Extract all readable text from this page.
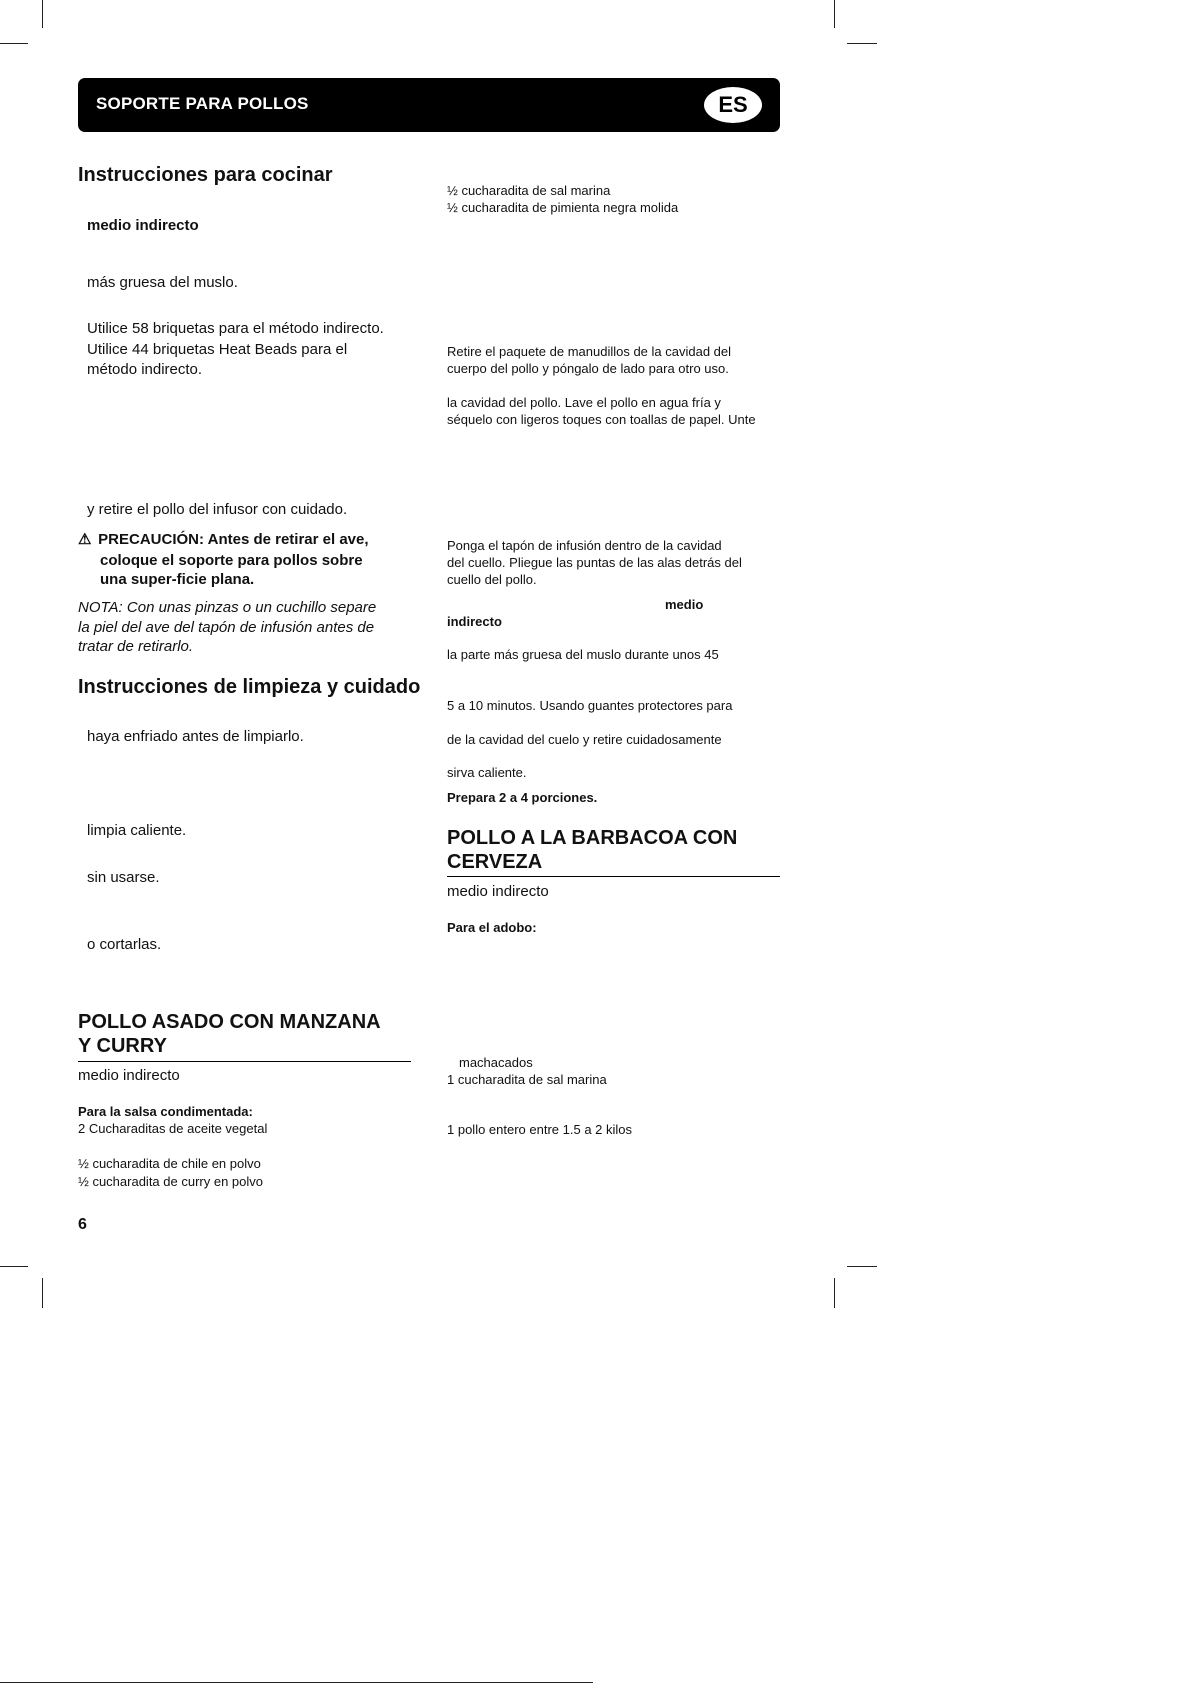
SOPORTE PARA POLLOS	ES
Instrucciones para cocinar
medio indirecto
más gruesa del muslo.
Utilice 58 briquetas para el método indirecto.
Utilice 44 briquetas Heat Beads para el
método indirecto.
y retire el pollo del infusor con cuidado.
⚠ PRECAUCIÓN: Antes de retirar el ave,
coloque el soporte para pollos sobre
una super-ficie plana.
NOTA: Con unas pinzas o un cuchillo separe
la piel del ave del tapón de infusión antes de
tratar de retirarlo.
Instrucciones de limpieza y cuidado
haya enfriado antes de limpiarlo.
limpia caliente.
sin usarse.
o cortarlas.
POLLO ASADO CON MANZANA
Y CURRY
medio indirecto
Para la salsa condimentada:
2 Cucharaditas de aceite vegetal
½ cucharadita de chile en polvo
½ cucharadita de curry en polvo
6
½ cucharadita de sal marina
½ cucharadita de pimienta negra molida
Retire el paquete de manudillos de la cavidad del
cuerpo del pollo y póngalo de lado para otro uso.
la cavidad del pollo. Lave el pollo en agua fría y
séquelo con ligeros toques con toallas de papel. Unte
Ponga el tapón de infusión dentro de la cavidad
del cuello. Pliegue las puntas de las alas detrás del
cuello del pollo.
medio
indirecto
la parte más gruesa del muslo durante unos 45
5 a 10 minutos. Usando guantes protectores para
de la cavidad del cuelo y retire cuidadosamente
sirva caliente.
Prepara 2 a 4 porciones.
POLLO A LA BARBACOA CON
CERVEZA
medio indirecto
Para el adobo:
machacados
1 cucharadita de sal marina
1 pollo entero entre 1.5 a 2 kilos
